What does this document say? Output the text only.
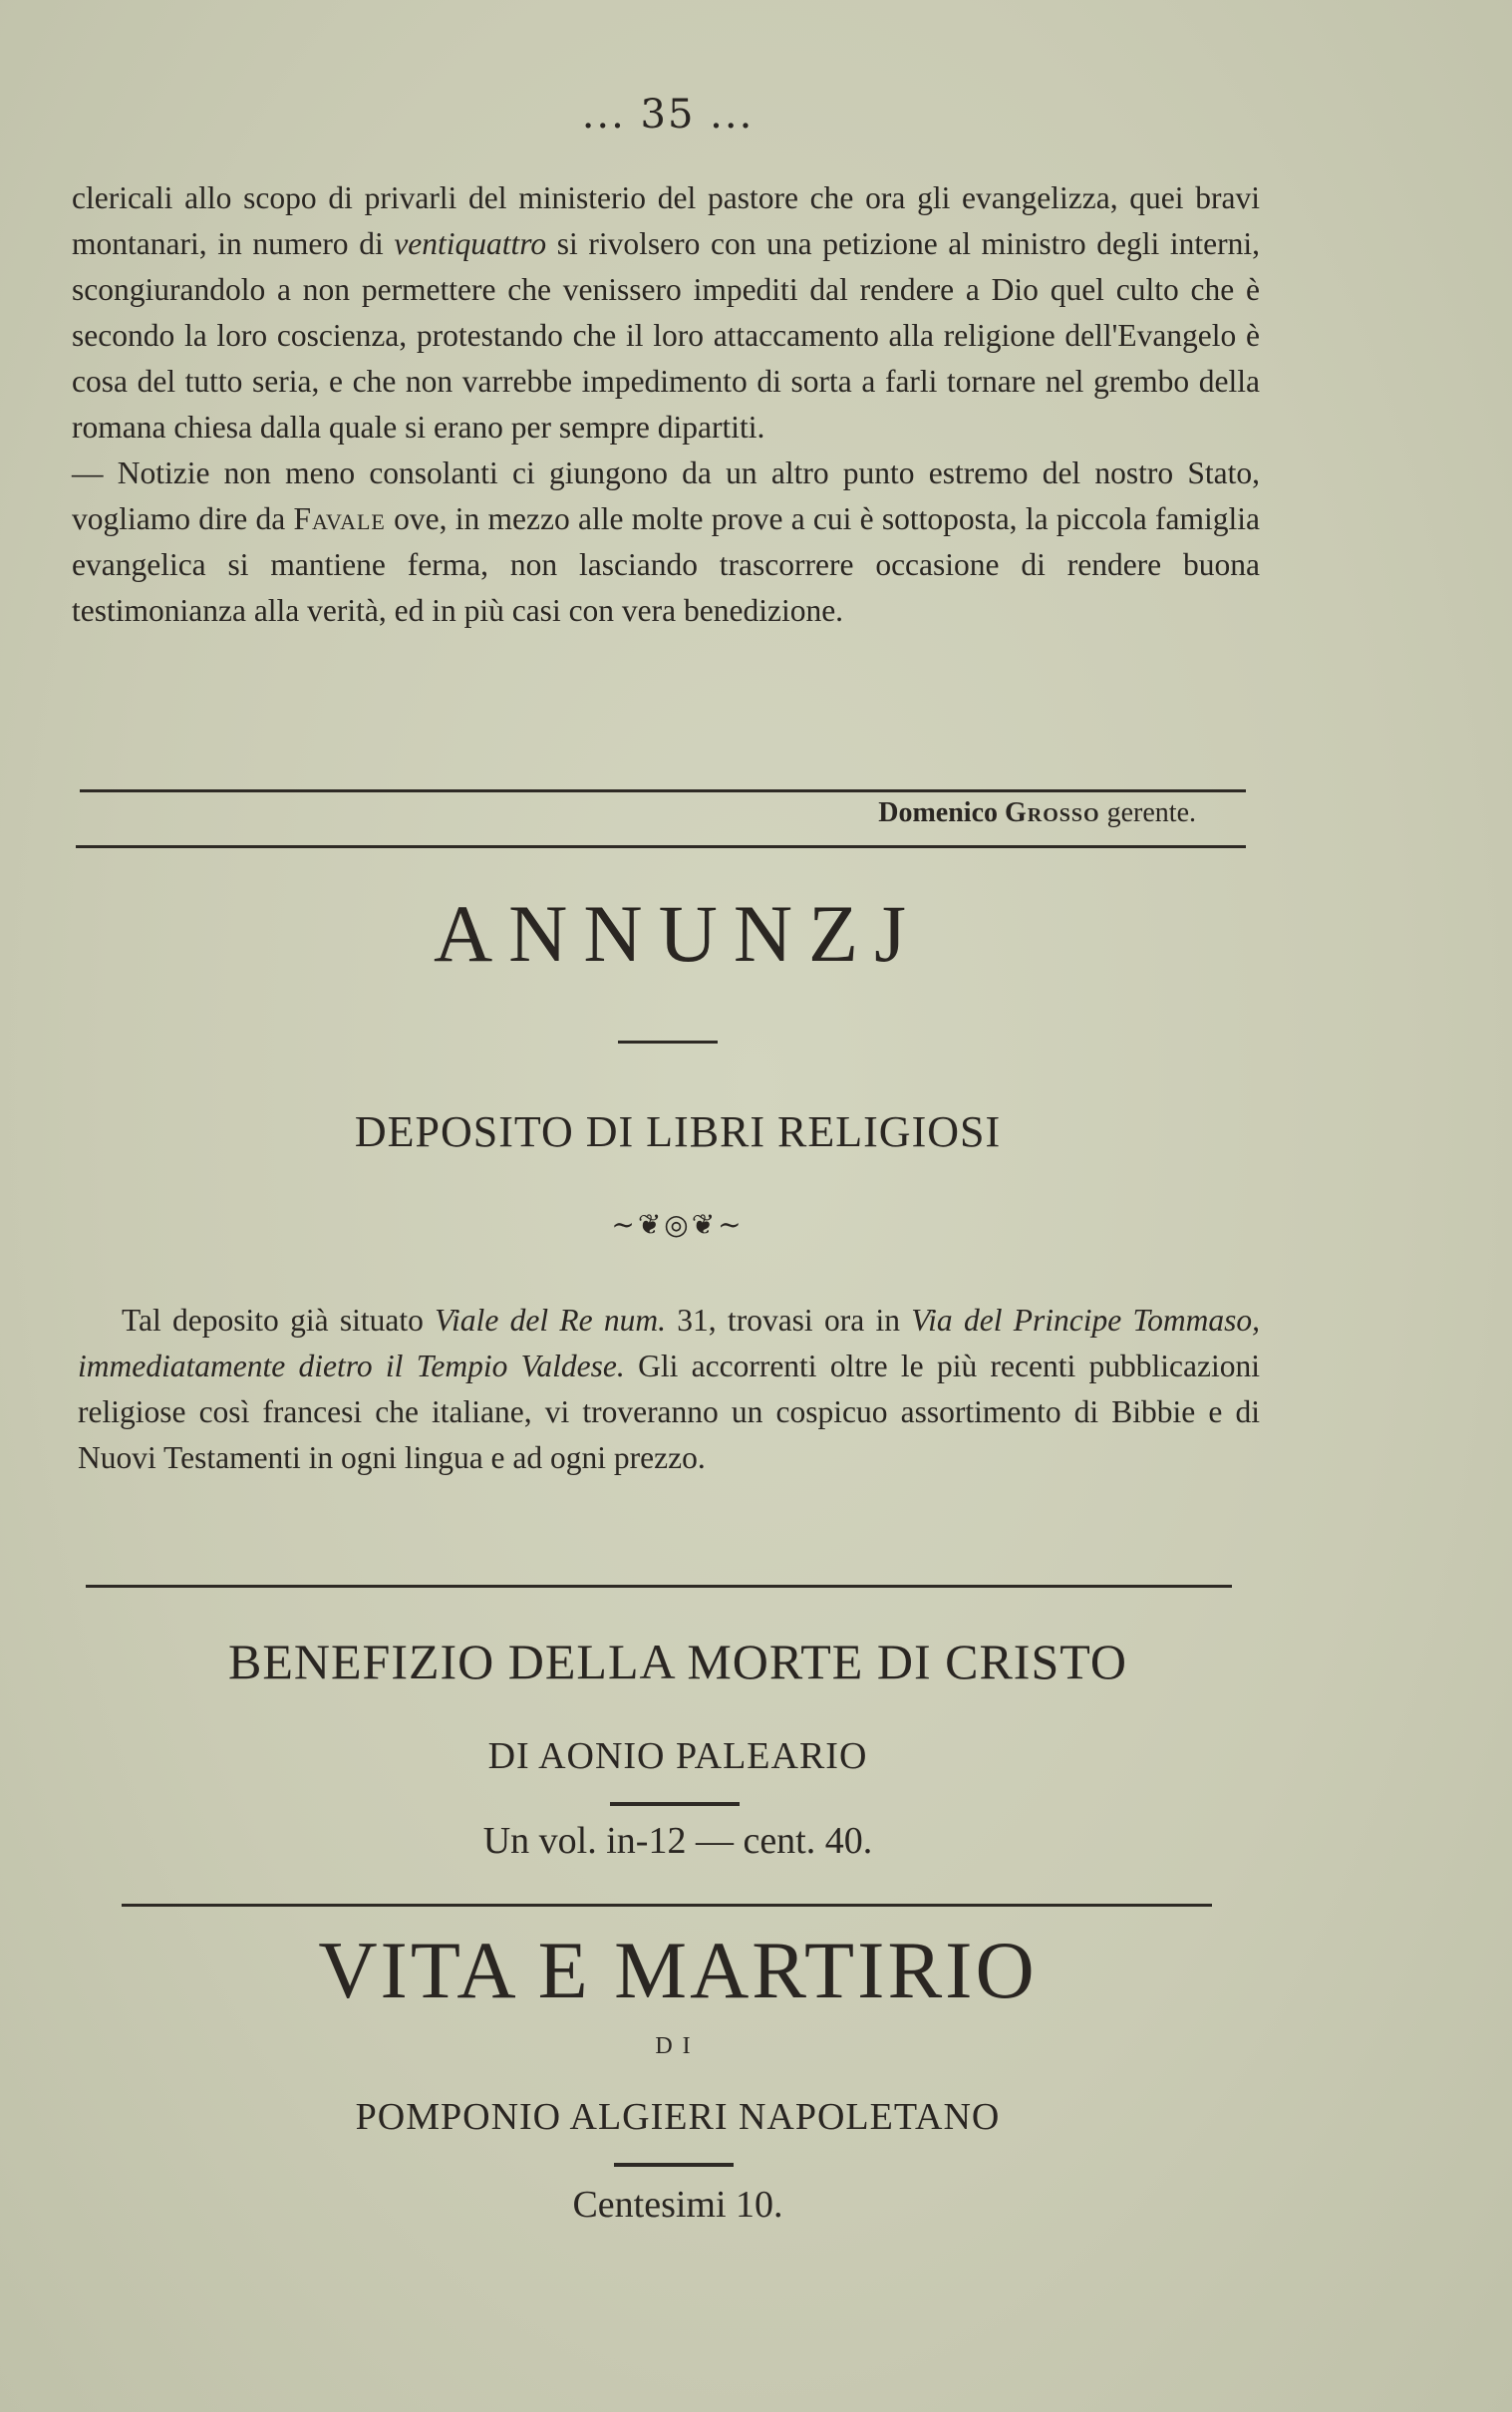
... 35 ...

clericali allo scopo di privarli del ministerio del pastore che ora gli evangelizza, quei bravi montanari, in numero di ventiquattro si rivolsero con una petizione al ministro degli interni, scongiurandolo a non permettere che venissero impediti dal rendere a Dio quel culto che è secondo la loro coscienza, protestando che il loro attaccamento alla religione dell'Evangelo è cosa del tutto seria, e che non varrebbe impedimento di sorta a farli tornare nel grembo della romana chiesa dalla quale si erano per sempre dipartiti.

— Notizie non meno consolanti ci giungono da un altro punto estremo del nostro Stato, vogliamo dire da Favale ove, in mezzo alle molte prove a cui è sottoposta, la piccola famiglia evangelica si mantiene ferma, non lasciando trascorrere occasione di rendere buona testimonianza alla verità, ed in più casi con vera benedizione.

Domenico Grosso gerente.
ANNUNZJ
DEPOSITO DI LIBRI RELIGIOSI
~❦◎❦~

Tal deposito già situato Viale del Re num. 31, trovasi ora in Via del Principe Tommaso, immediatamente dietro il Tempio Valdese. Gli accorrenti oltre le più recenti pubblicazioni religiose così francesi che italiane, vi troveranno un cospicuo assortimento di Bibbie e di Nuovi Testamenti in ogni lingua e ad ogni prezzo.

BENEFIZIO DELLA MORTE DI CRISTO
DI AONIO PALEARIO
Un vol. in-12 — cent. 40.
VITA E MARTIRIO
DI
POMPONIO ALGIERI NAPOLETANO
Centesimi 10.
